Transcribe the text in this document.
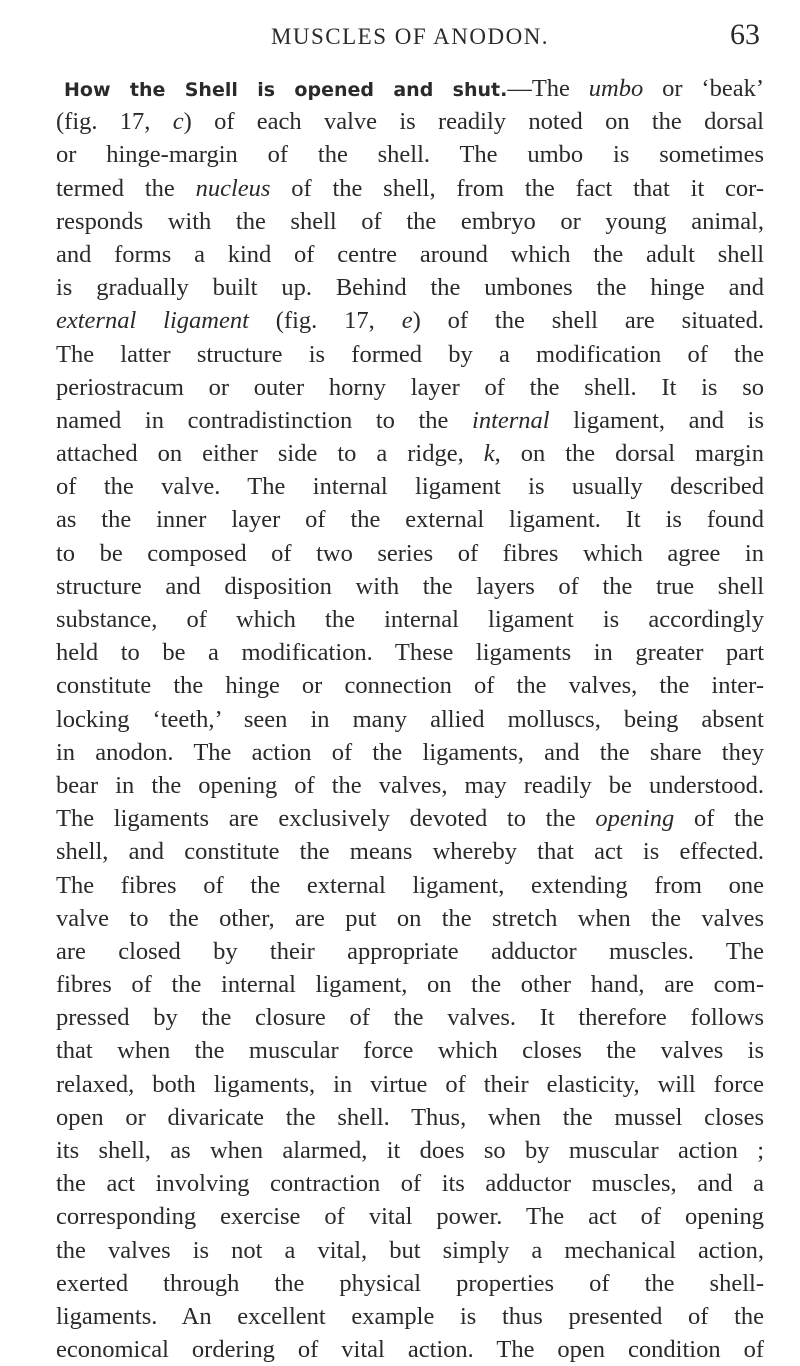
MUSCLES OF ANODON.	63
How the Shell is opened and shut.—The umbo or ‘beak’
(fig. 17, c) of each valve is readily noted on the dorsal
or hinge-margin of the shell. The umbo is sometimes
termed the nucleus of the shell, from the fact that it cor-
responds with the shell of the embryo or young animal,
and forms a kind of centre around which the adult shell
is gradually built up. Behind the umbones the hinge and
external ligament (fig. 17, e) of the shell are situated.
The latter structure is formed by a modification of the
periostracum or outer horny layer of the shell. It is so
named in contradistinction to the internal ligament, and is
attached on either side to a ridge, k, on the dorsal margin
of the valve. The internal ligament is usually described
as the inner layer of the external ligament. It is found
to be composed of two series of fibres which agree in
structure and disposition with the layers of the true shell
substance, of which the internal ligament is accordingly
held to be a modification. These ligaments in greater part
constitute the hinge or connection of the valves, the inter-
locking ‘teeth,’ seen in many allied molluscs, being absent
in anodon. The action of the ligaments, and the share they
bear in the opening of the valves, may readily be understood.
The ligaments are exclusively devoted to the opening of the
shell, and constitute the means whereby that act is effected.
The fibres of the external ligament, extending from one
valve to the other, are put on the stretch when the valves
are closed by their appropriate adductor muscles. The
fibres of the internal ligament, on the other hand, are com-
pressed by the closure of the valves. It therefore follows
that when the muscular force which closes the valves is
relaxed, both ligaments, in virtue of their elasticity, will force
open or divaricate the shell. Thus, when the mussel closes
its shell, as when alarmed, it does so by muscular action ;
the act involving contraction of its adductor muscles, and a
corresponding exercise of vital power. The act of opening
the valves is not a vital, but simply a mechanical action,
exerted through the physical properties of the shell-
ligaments. An excellent example is thus presented of the
economical ordering of vital action. The open condition of
